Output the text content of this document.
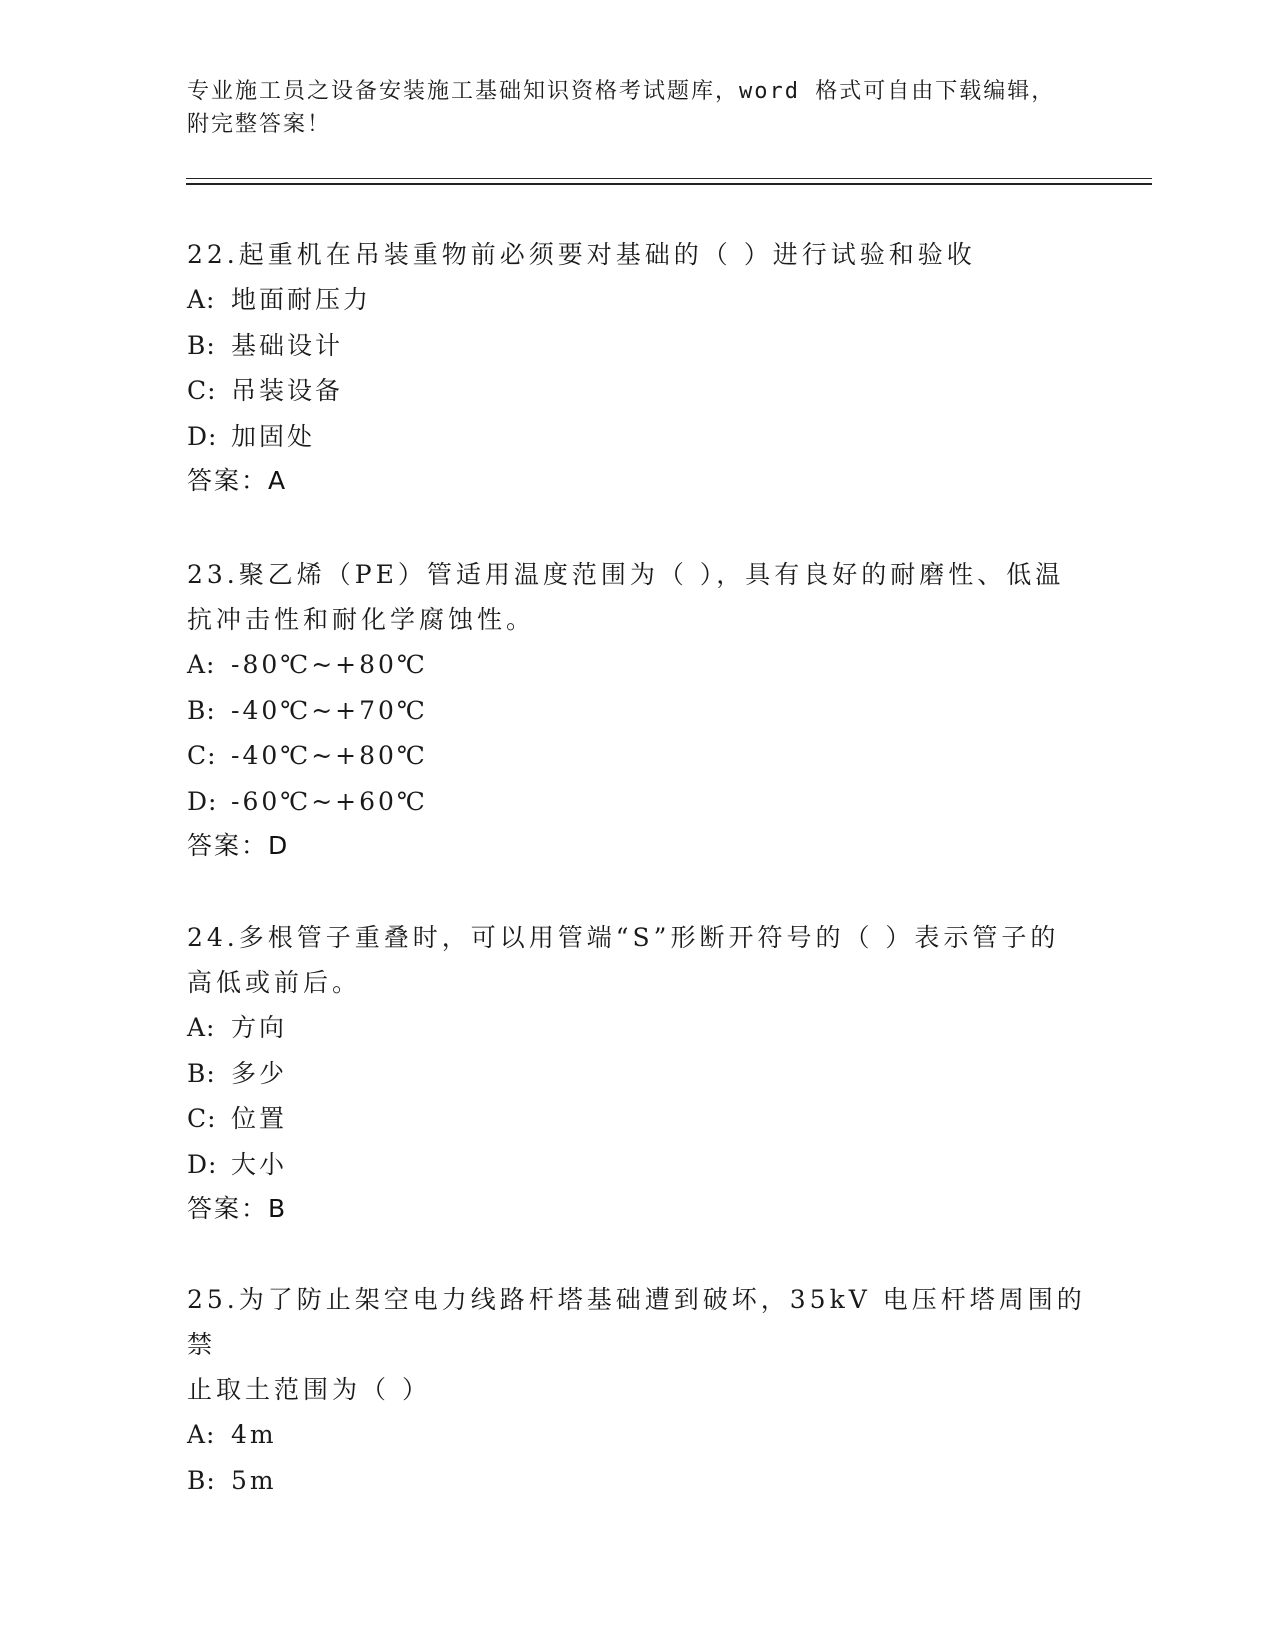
专业施工员之设备安装施工基础知识资格考试题库，word 格式可自由下载编辑，
附完整答案！

22.起重机在吊装重物前必须要对基础的（ ）进行试验和验收

A: 地面耐压力
B: 基础设计
C: 吊装设备
D: 加固处

答案：A

23.聚乙烯（PE）管适用温度范围为（ ），具有良好的耐磨性、低温

抗冲击性和耐化学腐蚀性。

A: -80℃~+80℃
B: -40℃~+70℃
C: -40℃~+80℃
D: -60℃~+60℃

答案：D

24.多根管子重叠时，可以用管端“S”形断开符号的（ ）表示管子的

高低或前后。

A: 方向
B: 多少
C: 位置
D: 大小

答案：B

25.为了防止架空电力线路杆塔基础遭到破坏，35kV 电压杆塔周围的禁

止取土范围为（ ）

A: 4m
B: 5m
